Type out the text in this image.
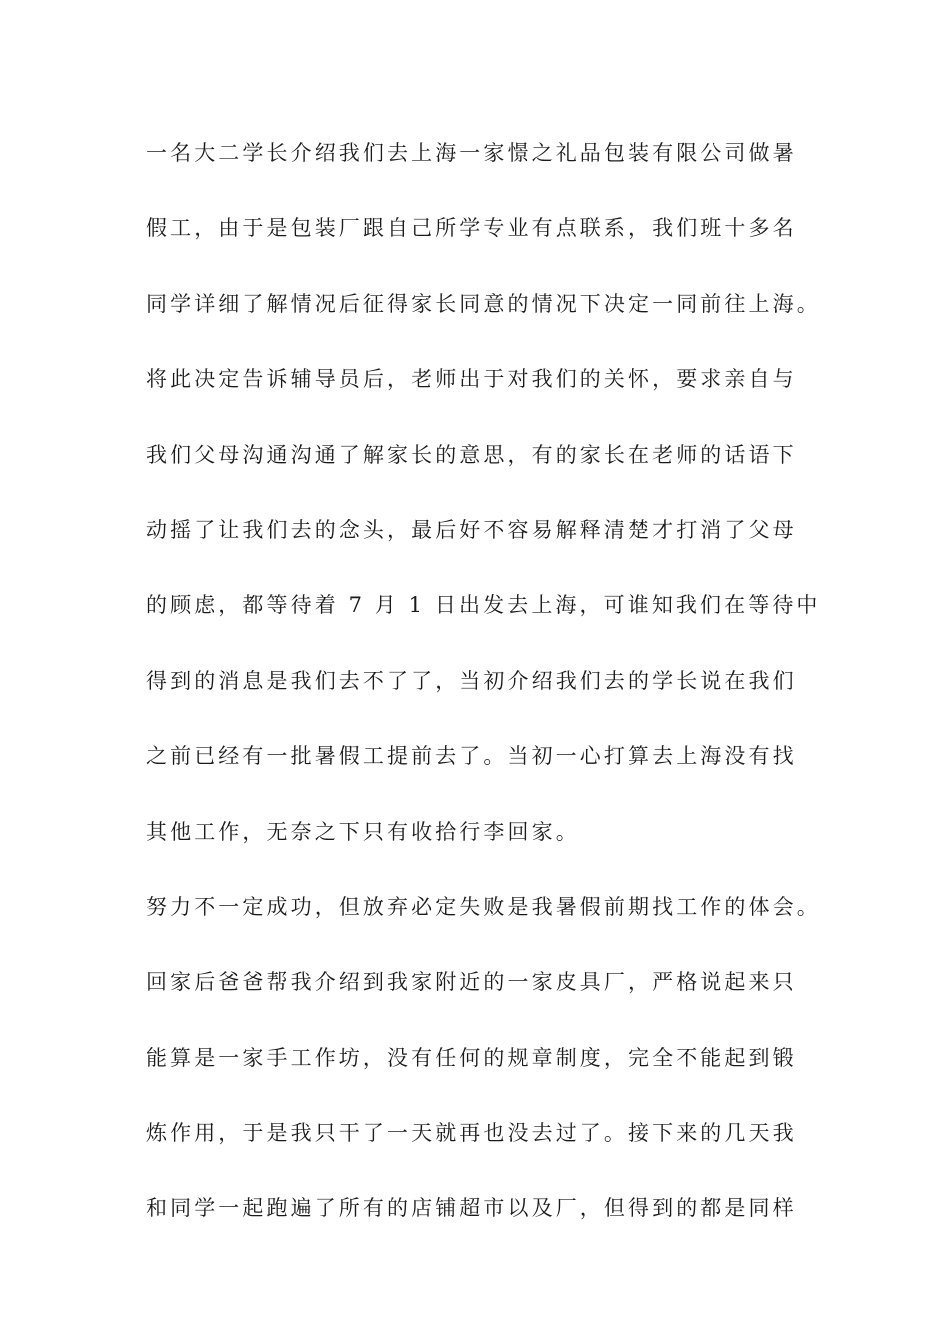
一名大二学长介绍我们去上海一家憬之礼品包装有限公司做暑
假工，由于是包装厂跟自己所学专业有点联系，我们班十多名
同学详细了解情况后征得家长同意的情况下决定一同前往上海。
将此决定告诉辅导员后，老师出于对我们的关怀，要求亲自与
我们父母沟通沟通了解家长的意思，有的家长在老师的话语下
动摇了让我们去的念头，最后好不容易解释清楚才打消了父母
的顾虑，都等待着 7 月 1 日出发去上海，可谁知我们在等待中
得到的消息是我们去不了了，当初介绍我们去的学长说在我们
之前已经有一批暑假工提前去了。当初一心打算去上海没有找
其他工作，无奈之下只有收拾行李回家。
努力不一定成功，但放弃必定失败是我暑假前期找工作的体会。
回家后爸爸帮我介绍到我家附近的一家皮具厂，严格说起来只
能算是一家手工作坊，没有任何的规章制度，完全不能起到锻
炼作用，于是我只干了一天就再也没去过了。接下来的几天我
和同学一起跑遍了所有的店铺超市以及厂，但得到的都是同样
